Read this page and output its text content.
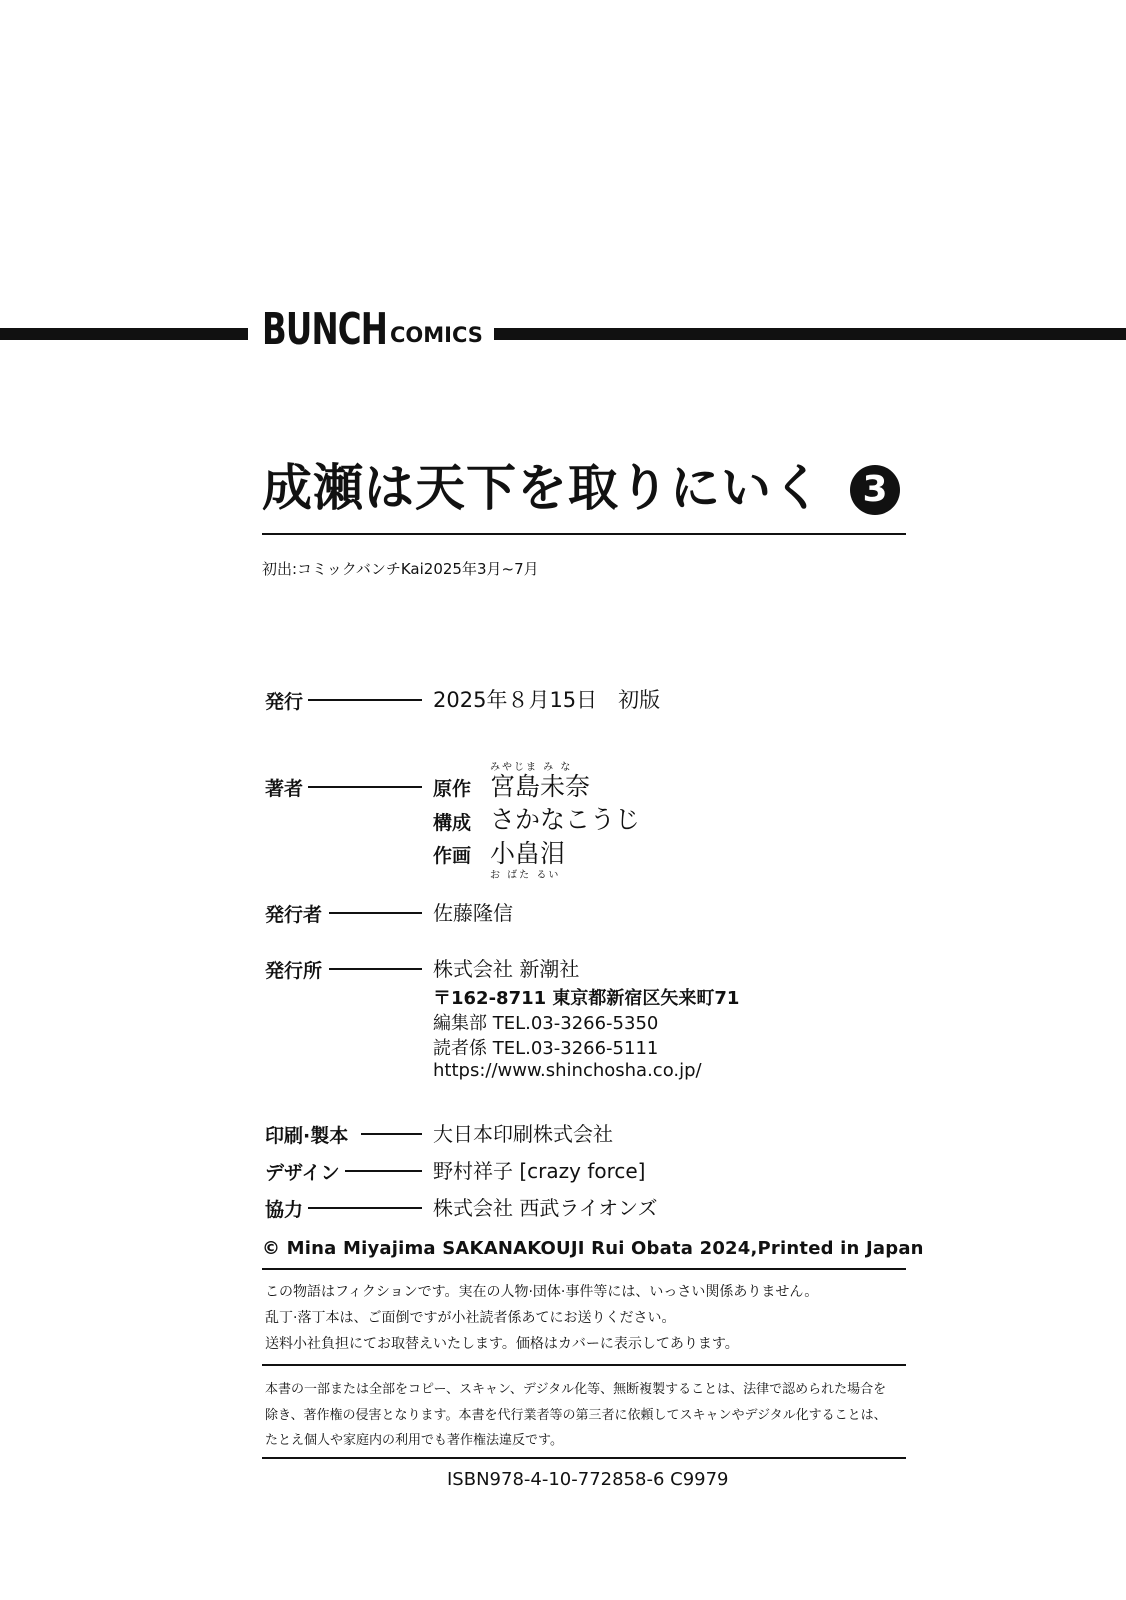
BUNCH COMICS
成瀬は天下を取りにいく	3
初出:コミックバンチKai2025年3月~7月
発行	2025年８月15日　初版
著者
みやじま み な
原作 宮島未奈
構成 さかなこうじ
作画 小畠泪
お ばた るい
発行者	佐藤隆信
発行所	株式会社 新潮社
〒162-8711 東京都新宿区矢来町71
編集部 TEL.03-3266-5350
読者係 TEL.03-3266-5111
https://www.shinchosha.co.jp/
印刷·製本	大日本印刷株式会社
デザイン	野村祥子 [crazy force]
協力	株式会社 西武ライオンズ
© Mina Miyajima SAKANAKOUJI Rui Obata 2024,Printed in Japan
この物語はフィクションです。実在の人物·団体·事件等には、いっさい関係ありません。
乱丁·落丁本は、ご面倒ですが小社読者係あてにお送りください。
送料小社負担にてお取替えいたします。価格はカバーに表示してあります。
本書の一部または全部をコピー、スキャン、デジタル化等、無断複製することは、法律で認められた場合を
除き、著作権の侵害となります。本書を代行業者等の第三者に依頼してスキャンやデジタル化することは、
たとえ個人や家庭内の利用でも著作権法違反です。
ISBN978-4-10-772858-6 C9979
